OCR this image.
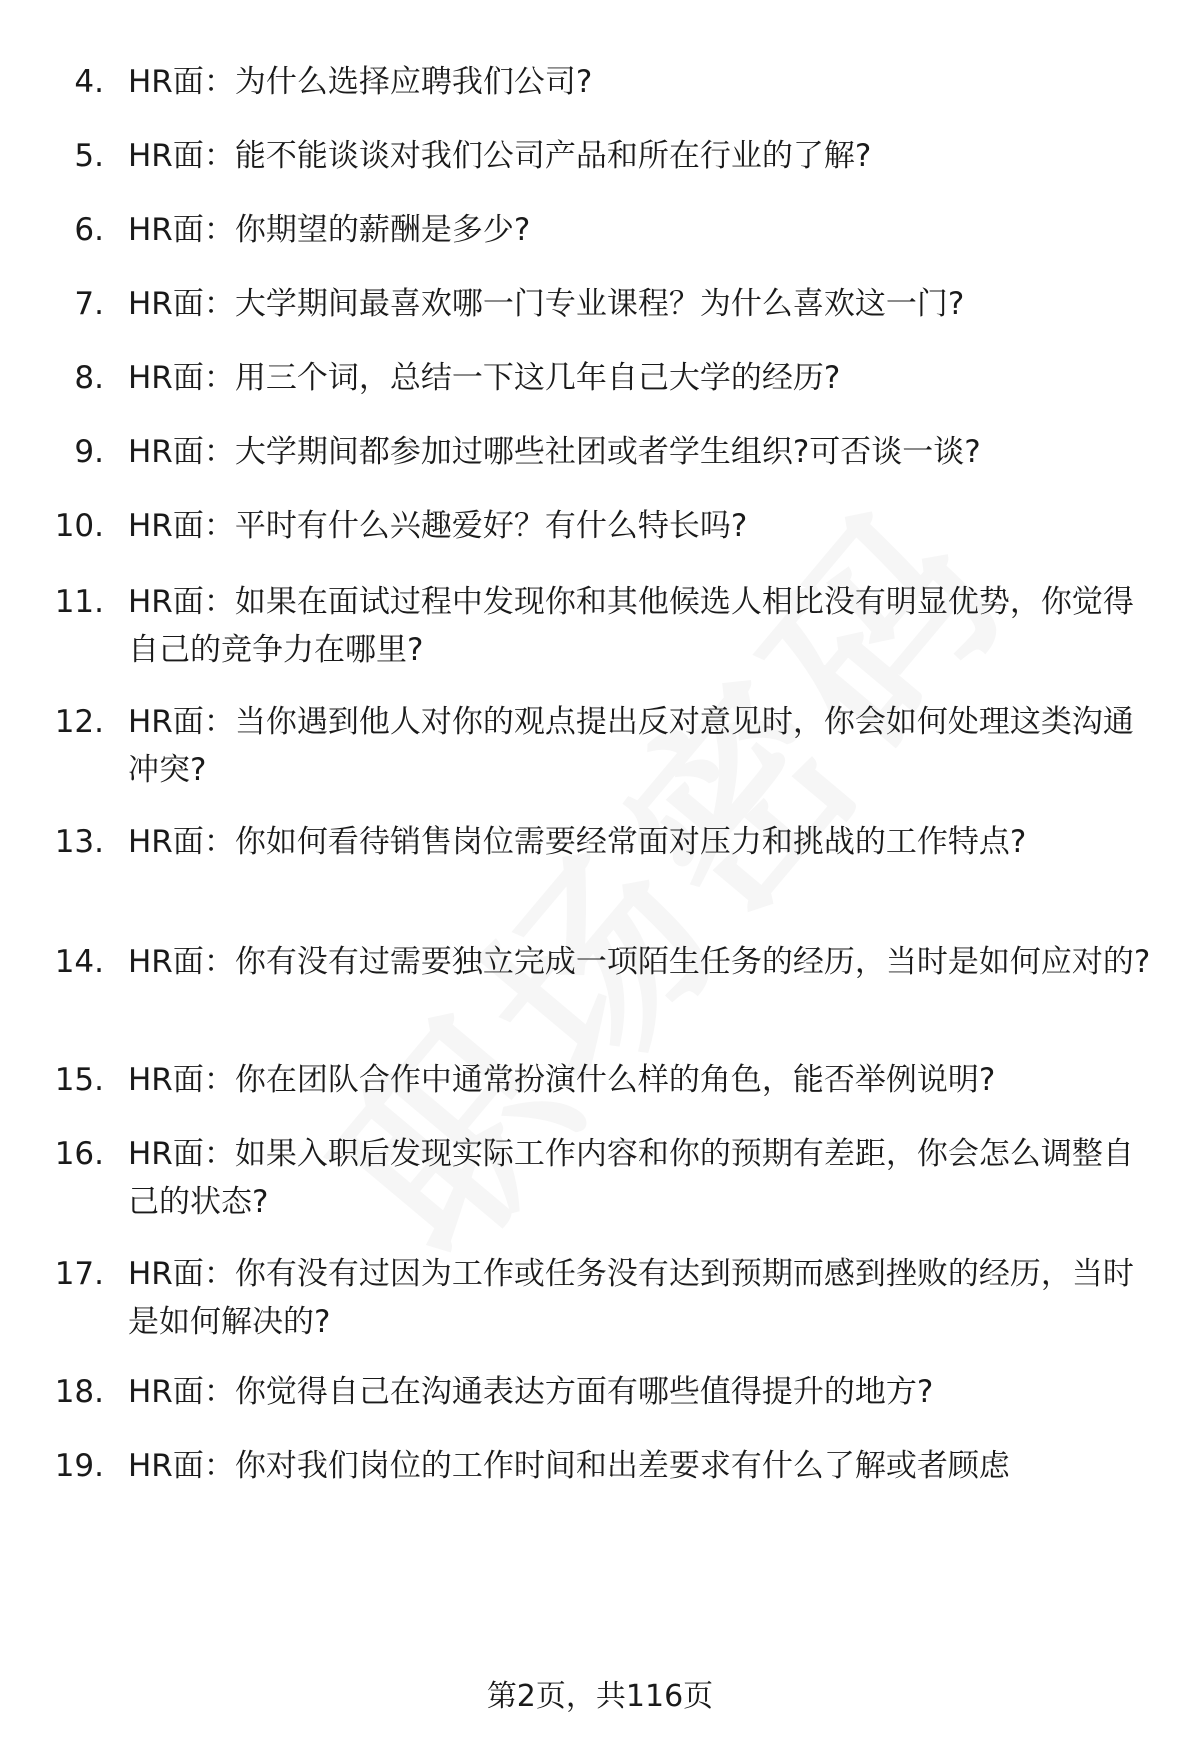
4. HR面：为什么选择应聘我们公司?
5. HR面：能不能谈谈对我们公司产品和所在行业的了解?
6. HR面：你期望的薪酬是多少?
7. HR面：大学期间最喜欢哪一门专业课程？为什么喜欢这一门?
8. HR面：用三个词，总结一下这几年自己大学的经历?
9. HR面：大学期间都参加过哪些社团或者学生组织?可否谈一谈?
10. HR面：平时有什么兴趣爱好？有什么特长吗?
11. HR面：如果在面试过程中发现你和其他候选人相比没有明显优势，你觉得自己的竞争力在哪里?
12. HR面：当你遇到他人对你的观点提出反对意见时，你会如何处理这类沟通冲突?
13. HR面：你如何看待销售岗位需要经常面对压力和挑战的工作特点?
14. HR面：你有没有过需要独立完成一项陌生任务的经历，当时是如何应对的?
15. HR面：你在团队合作中通常扮演什么样的角色，能否举例说明?
16. HR面：如果入职后发现实际工作内容和你的预期有差距，你会怎么调整自己的状态?
17. HR面：你有没有过因为工作或任务没有达到预期而感到挫败的经历，当时是如何解决的?
18. HR面：你觉得自己在沟通表达方面有哪些值得提升的地方?
19. HR面：你对我们岗位的工作时间和出差要求有什么了解或者顾虑
第2页，共116页
